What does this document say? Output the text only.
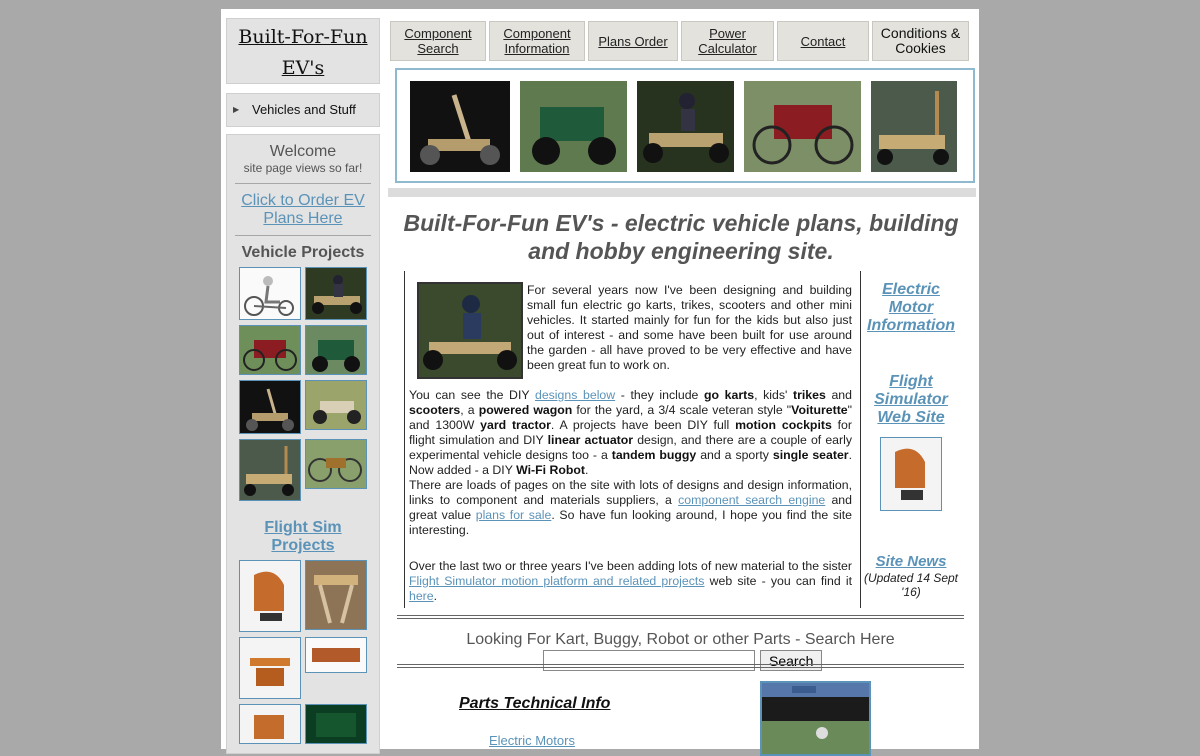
Built-For-Fun
EV's
▶ Vehicles and Stuff
Welcome
site page views so far!
Click to Order EV Plans Here
Vehicle Projects
Flight Sim Projects
Component Search
Component Information	Plans Order	Power Calculator	Contact	Conditions & Cookies
Built-For-Fun EV's - electric vehicle plans, building and hobby engineering site.

For several years now I've been designing and building small fun electric go karts, trikes, scooters and other mini vehicles. It started mainly for fun for the kids but also just out of interest - and some have been built for use around the garden - all have proved to be very effective and have been great fun to work on.

You can see the DIY designs below - they include go karts, kids' trikes and scooters, a powered wagon for the yard, a 3/4 scale veteran style "Voiturette" and 1300W yard tractor. A projects have been DIY full motion cockpits for flight simulation and DIY linear actuator design, and there are a couple of early experimental vehicle designs too - a tandem buggy and a sporty single seater. Now added - a DIY Wi-Fi Robot.

There are loads of pages on the site with lots of designs and design information, links to component and materials suppliers, a component search engine and great value plans for sale. So have fun looking around, I hope you find the site interesting.

Over the last two or three years I've been adding lots of new material to the sister Flight Simulator motion platform and related projects web site - you can find it here.

Electric Motor Information
Flight Simulator Web Site
Site News
(Updated 14 Sept '16)
Looking For Kart, Buggy, Robot or other Parts - Search Here
Search
Parts Technical Info
Electric Motors
